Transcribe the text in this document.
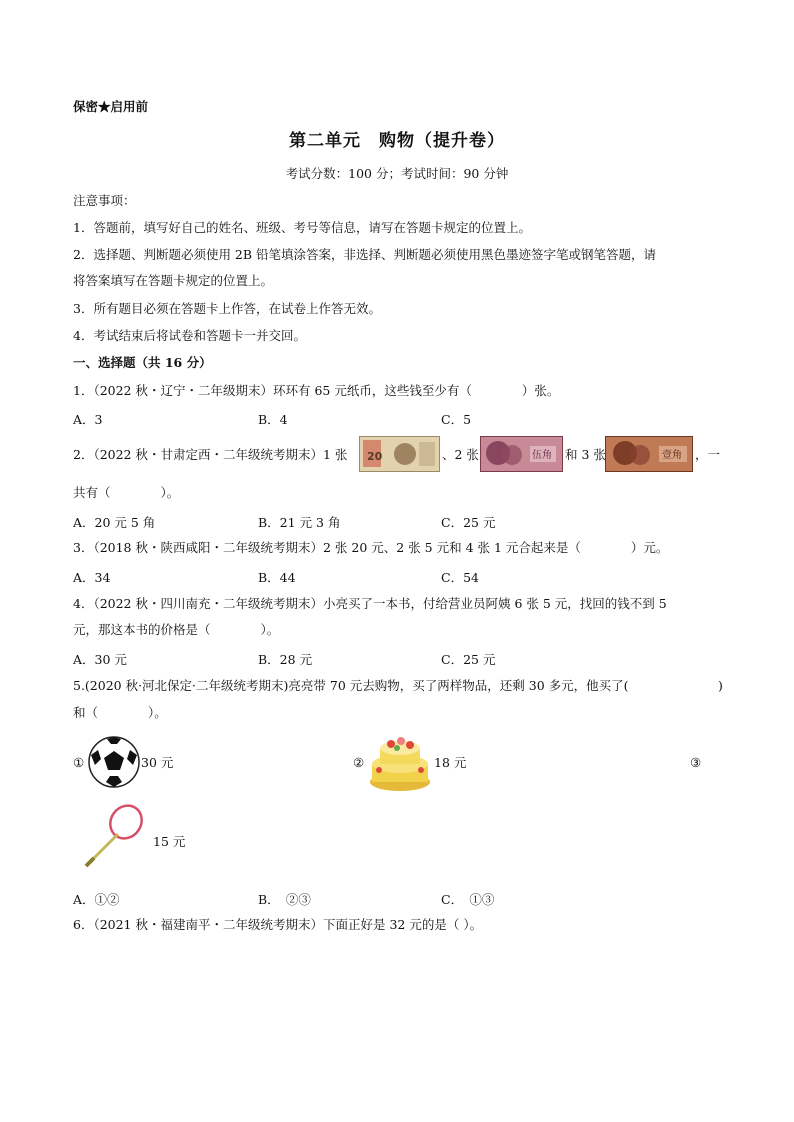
保密★启用前
第二单元　购物（提升卷）
考试分数：100 分；考试时间：90 分钟
注意事项：
1．答题前，填写好自己的姓名、班级、考号等信息，请写在答题卡规定的位置上。
2．选择题、判断题必须使用 2B 铅笔填涂答案，非选择、判断题必须使用黑色墨迹签字笔或钢笔答题，请
将答案填写在答题卡规定的位置上。
3．所有题目必须在答题卡上作答，在试卷上作答无效。
4．考试结束后将试卷和答题卡一并交回。
一、选择题（共 16 分）
1．（2022 秋・辽宁・二年级期末）环环有 65 元纸币，这些钱至少有（　　　　）张。
A．3	B．4	C．5
2．（2022 秋・甘肃定西・二年级统考期末）1 张 20	、2 张	伍角 和 3 张	壹角 ，一
共有（　　　　）。
A．20 元 5 角	B．21 元 3 角	C．25 元
3．（2018 秋・陕西咸阳・二年级统考期末）2 张 20 元、2 张 5 元和 4 张 1 元合起来是（　　　　）元。
A．34	B．44	C．54
4．（2022 秋・四川南充・二年级统考期末）小亮买了一本书，付给营业员阿姨 6 张 5 元，找回的钱不到 5
元，那这本书的价格是（　　　　）。
A．30 元	B．28 元	C．25 元
5.(2020 秋·河北保定·二年级统考期末)亮亮带 70 元去购物，买了两样物品，还剩 30 多元，他买了(	)
和（　　　　）。
①	30 元	②	18 元	③
15 元
A．①②	B．　②③	C．　①③
6．（2021 秋・福建南平・二年级统考期末）下面正好是 32 元的是（ ）。
